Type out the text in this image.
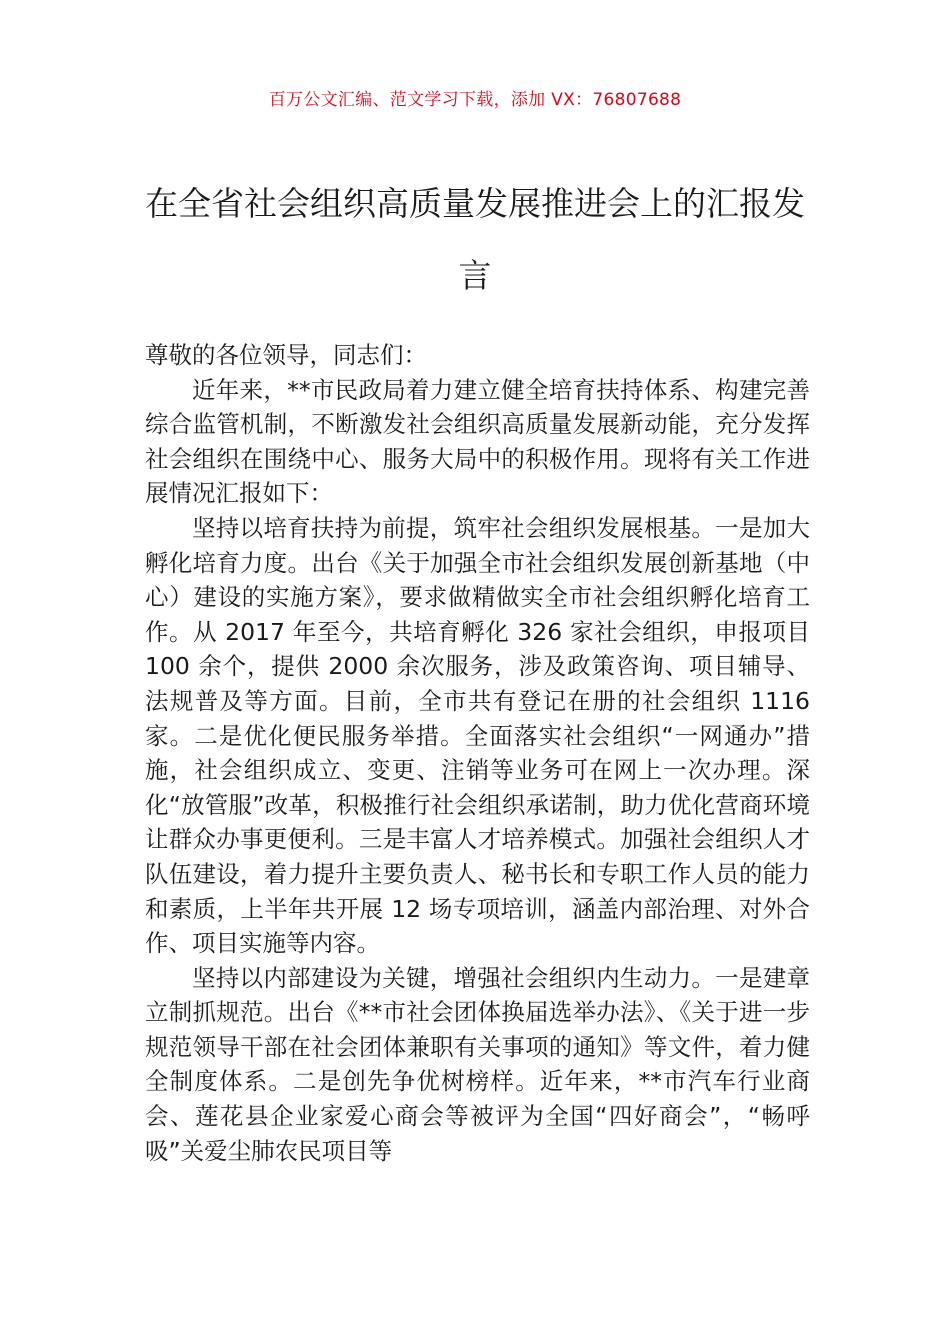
百万公文汇编、范文学习下载，添加 VX：76807688
在全省社会组织高质量发展推进会上的汇报发言

尊敬的各位领导，同志们：

近年来，**市民政局着力建立健全培育扶持体系、构建完善综合监管机制，不断激发社会组织高质量发展新动能，充分发挥社会组织在围绕中心、服务大局中的积极作用。现将有关工作进展情况汇报如下：

坚持以培育扶持为前提，筑牢社会组织发展根基。一是加大孵化培育力度。出台《关于加强全市社会组织发展创新基地（中心）建设的实施方案》，要求做精做实全市社会组织孵化培育工作。从 2017 年至今，共培育孵化 326 家社会组织，申报项目 100 余个，提供 2000 余次服务，涉及政策咨询、项目辅导、法规普及等方面。目前，全市共有登记在册的社会组织 1116 家。二是优化便民服务举措。全面落实社会组织“一网通办”措施，社会组织成立、变更、注销等业务可在网上一次办理。深化“放管服”改革，积极推行社会组织承诺制，助力优化营商环境让群众办事更便利。三是丰富人才培养模式。加强社会组织人才队伍建设，着力提升主要负责人、秘书长和专职工作人员的能力和素质，上半年共开展 12 场专项培训，涵盖内部治理、对外合作、项目实施等内容。

坚持以内部建设为关键，增强社会组织内生动力。一是建章立制抓规范。出台《**市社会团体换届选举办法》、《关于进一步规范领导干部在社会团体兼职有关事项的通知》等文件，着力健全制度体系。二是创先争优树榜样。近年来，**市汽车行业商会、莲花县企业家爱心商会等被评为全国“四好商会”，“畅呼吸”关爱尘肺农民项目等
